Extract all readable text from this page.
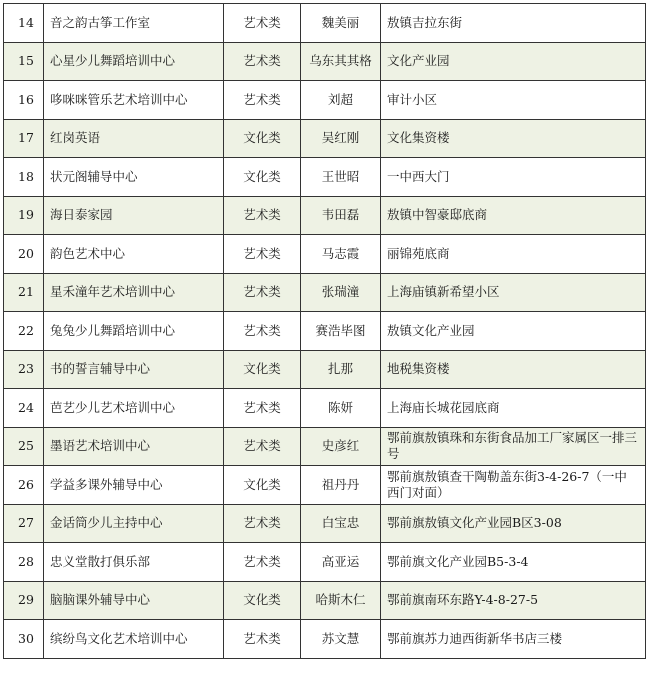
14	音之韵古筝工作室	艺术类	魏美丽	敖镇吉拉东街
15	心星少儿舞蹈培训中心	艺术类	乌东其其格	文化产业园
16	哆咪咪管乐艺术培训中心	艺术类	刘超	审计小区
17	红岗英语	文化类	吴红刚	文化集资楼
18	状元阁辅导中心	文化类	王世昭	一中西大门
19	海日泰家园	艺术类	韦田磊	敖镇中智豪邸底商
20	韵色艺术中心	艺术类	马志霞	丽锦苑底商
21	星禾潼年艺术培训中心	艺术类	张瑞潼	上海庙镇新希望小区
22	兔兔少儿舞蹈培训中心	艺术类	赛浩毕图	敖镇文化产业园
23	书的誓言辅导中心	文化类	扎那	地税集资楼
24	芭艺少儿艺术培训中心	艺术类	陈妍	上海庙长城花园底商
25	墨语艺术培训中心	艺术类	史彦红	鄂前旗敖镇珠和东街食品加工厂家属区一排三号
26	学益多课外辅导中心	文化类	祖丹丹	鄂前旗敖镇查干陶勒盖东街3-4-26-7（一中西门对面）
27	金话筒少儿主持中心	艺术类	白宝忠	鄂前旗敖镇文化产业园B区3-08
28	忠义堂散打俱乐部	艺术类	高亚运	鄂前旗文化产业园B5-3-4
29	脑脑课外辅导中心	文化类	哈斯木仁	鄂前旗南环东路Y-4-8-27-5
30	缤纷鸟文化艺术培训中心	艺术类	苏文慧	鄂前旗苏力迪西街新华书店三楼
